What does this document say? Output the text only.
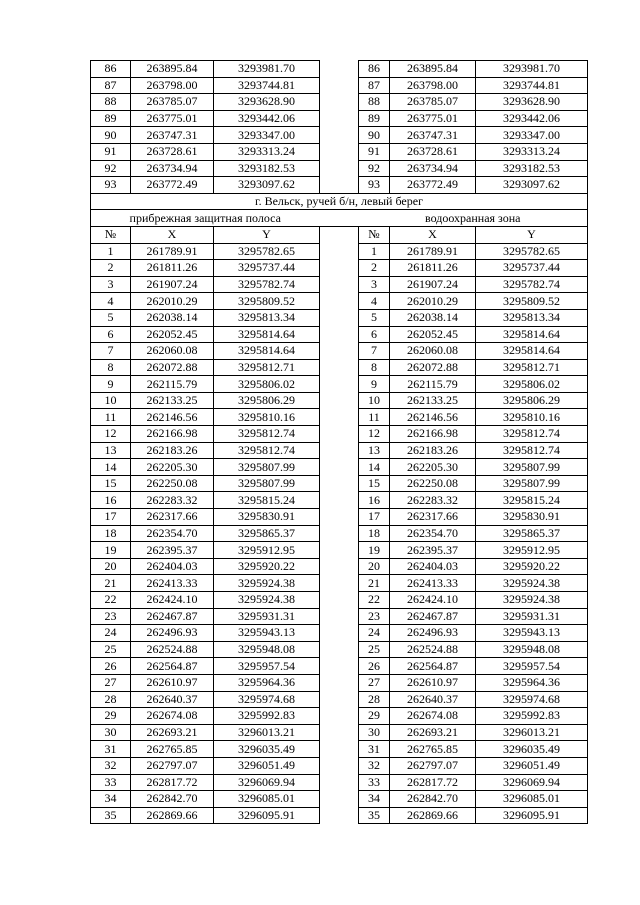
86	263895.84	3293981.70		86	263895.84	3293981.70
87	263798.00	3293744.81		87	263798.00	3293744.81
88	263785.07	3293628.90		88	263785.07	3293628.90
89	263775.01	3293442.06		89	263775.01	3293442.06
90	263747.31	3293347.00		90	263747.31	3293347.00
91	263728.61	3293313.24		91	263728.61	3293313.24
92	263734.94	3293182.53		92	263734.94	3293182.53
93	263772.49	3293097.62		93	263772.49	3293097.62
г. Вельск, ручей б/н, левый берег						
прибрежная защитная полоса				водоохранная зона		
№	X	Y		№	X	Y
1	261789.91	3295782.65		1	261789.91	3295782.65
2	261811.26	3295737.44		2	261811.26	3295737.44
3	261907.24	3295782.74		3	261907.24	3295782.74
4	262010.29	3295809.52		4	262010.29	3295809.52
5	262038.14	3295813.34		5	262038.14	3295813.34
6	262052.45	3295814.64		6	262052.45	3295814.64
7	262060.08	3295814.64		7	262060.08	3295814.64
8	262072.88	3295812.71		8	262072.88	3295812.71
9	262115.79	3295806.02		9	262115.79	3295806.02
10	262133.25	3295806.29		10	262133.25	3295806.29
11	262146.56	3295810.16		11	262146.56	3295810.16
12	262166.98	3295812.74		12	262166.98	3295812.74
13	262183.26	3295812.74		13	262183.26	3295812.74
14	262205.30	3295807.99		14	262205.30	3295807.99
15	262250.08	3295807.99		15	262250.08	3295807.99
16	262283.32	3295815.24		16	262283.32	3295815.24
17	262317.66	3295830.91		17	262317.66	3295830.91
18	262354.70	3295865.37		18	262354.70	3295865.37
19	262395.37	3295912.95		19	262395.37	3295912.95
20	262404.03	3295920.22		20	262404.03	3295920.22
21	262413.33	3295924.38		21	262413.33	3295924.38
22	262424.10	3295924.38		22	262424.10	3295924.38
23	262467.87	3295931.31		23	262467.87	3295931.31
24	262496.93	3295943.13		24	262496.93	3295943.13
25	262524.88	3295948.08		25	262524.88	3295948.08
26	262564.87	3295957.54		26	262564.87	3295957.54
27	262610.97	3295964.36		27	262610.97	3295964.36
28	262640.37	3295974.68		28	262640.37	3295974.68
29	262674.08	3295992.83		29	262674.08	3295992.83
30	262693.21	3296013.21		30	262693.21	3296013.21
31	262765.85	3296035.49		31	262765.85	3296035.49
32	262797.07	3296051.49		32	262797.07	3296051.49
33	262817.72	3296069.94		33	262817.72	3296069.94
34	262842.70	3296085.01		34	262842.70	3296085.01
35	262869.66	3296095.91		35	262869.66	3296095.91
